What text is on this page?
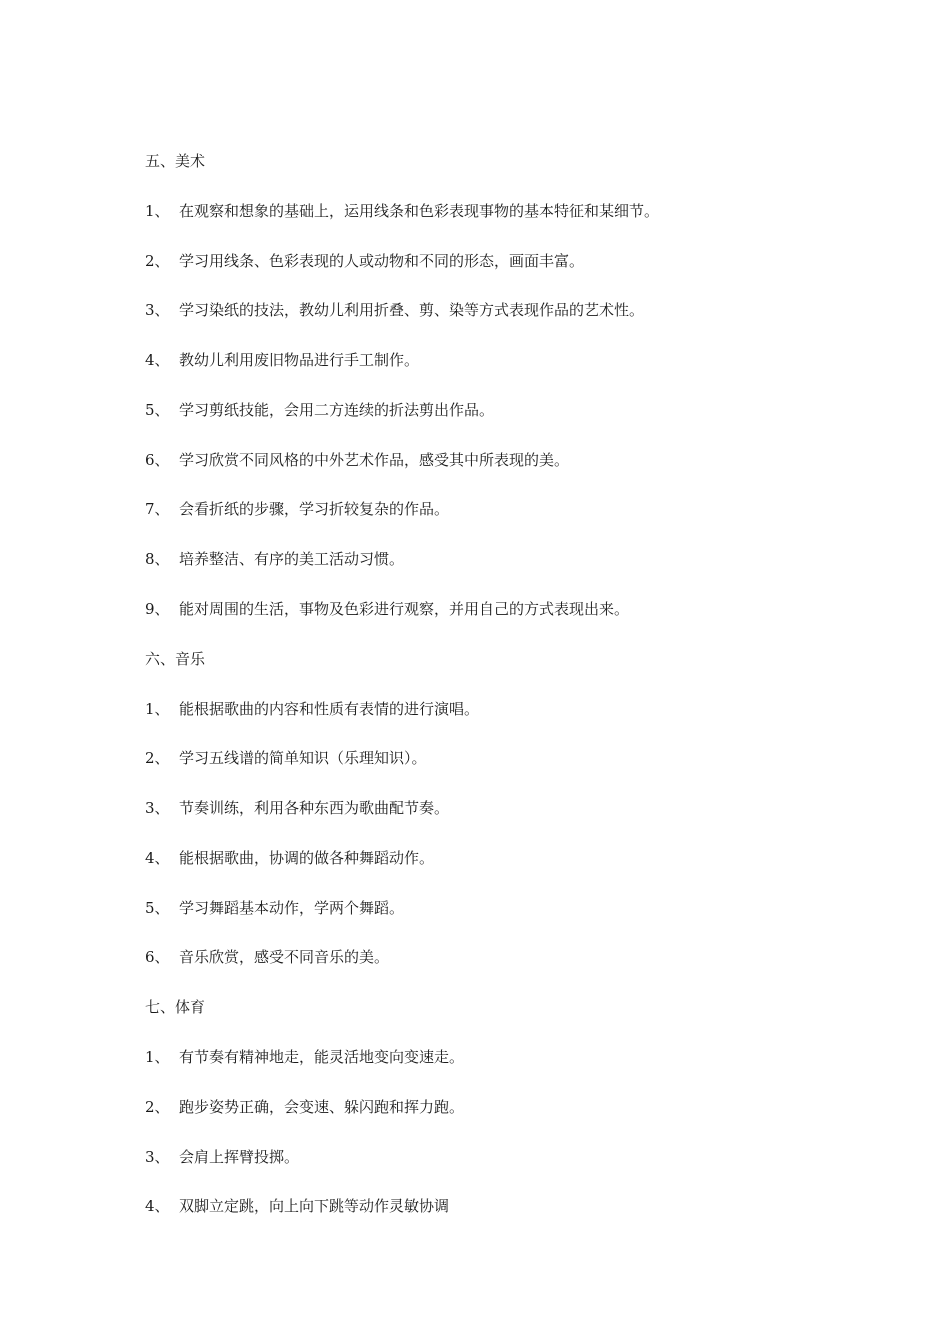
五、美术
1、 在观察和想象的基础上，运用线条和色彩表现事物的基本特征和某细节。
2、 学习用线条、色彩表现的人或动物和不同的形态，画面丰富。
3、 学习染纸的技法，教幼儿利用折叠、剪、染等方式表现作品的艺术性。
4、 教幼儿利用废旧物品进行手工制作。
5、 学习剪纸技能，会用二方连续的折法剪出作品。
6、 学习欣赏不同风格的中外艺术作品，感受其中所表现的美。
7、 会看折纸的步骤，学习折较复杂的作品。
8、 培养整洁、有序的美工活动习惯。
9、 能对周围的生活，事物及色彩进行观察，并用自己的方式表现出来。
六、音乐
1、 能根据歌曲的内容和性质有表情的进行演唱。
2、 学习五线谱的简单知识（乐理知识）。
3、 节奏训练，利用各种东西为歌曲配节奏。
4、 能根据歌曲，协调的做各种舞蹈动作。
5、 学习舞蹈基本动作，学两个舞蹈。
6、 音乐欣赏，感受不同音乐的美。
七、体育
1、 有节奏有精神地走，能灵活地变向变速走。
2、 跑步姿势正确，会变速、躲闪跑和挥力跑。
3、 会肩上挥臂投掷。
4、 双脚立定跳，向上向下跳等动作灵敏协调
